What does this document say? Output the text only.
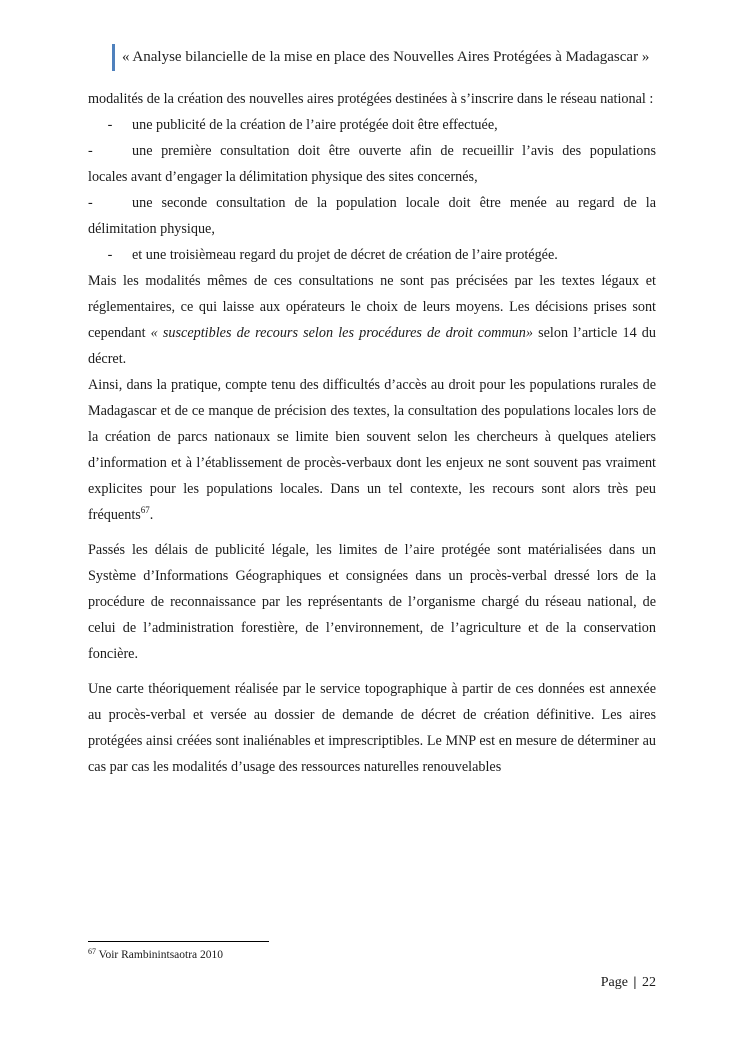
« Analyse bilancielle de la mise en place des Nouvelles Aires Protégées à Madagascar »

modalités de la création des nouvelles aires protégées destinées à s’inscrire dans le réseau national :

- une publicité de la création de l’aire protégée doit être effectuée,

-	une première consultation doit être ouverte afin de recueillir l’avis des populations
locales avant d’engager la délimitation physique des sites concernés,

-	une seconde consultation de la population locale doit être menée au regard de la
délimitation physique,

- et une troisièmeau regard du projet de décret de création de l’aire protégée.

Mais les modalités mêmes de ces consultations ne sont pas précisées par les textes légaux et réglementaires, ce qui laisse aux opérateurs le choix de leurs moyens. Les décisions prises sont cependant « susceptibles de recours selon les procédures de droit commun» selon l’article 14 du décret.

Ainsi, dans la pratique, compte tenu des difficultés d’accès au droit pour les populations rurales de Madagascar et de ce manque de précision des textes, la consultation des populations locales lors de la création de parcs nationaux se limite bien souvent selon les chercheurs à quelques ateliers d’information et à l’établissement de procès-verbaux dont les enjeux ne sont souvent pas vraiment explicites pour les populations locales. Dans un tel contexte, les recours sont alors très peu fréquents$^{67}$.

Passés les délais de publicité légale, les limites de l’aire protégée sont matérialisées dans un Système d’Informations Géographiques et consignées dans un procès-verbal dressé lors de la procédure de reconnaissance par les représentants de l’organisme chargé du réseau national, de celui de l’administration forestière, de l’environnement, de l’agriculture et de la conservation foncière.

Une carte théoriquement réalisée par le service topographique à partir de ces données est annexée au procès-verbal et versée au dossier de demande de décret de création définitive. Les aires protégées ainsi créées sont inaliénables et imprescriptibles. Le MNP est en mesure de déterminer au cas par cas les modalités d’usage des ressources naturelles renouvelables

$^{67}$ Voir Rambinintsaotra 2010
Page | 22
